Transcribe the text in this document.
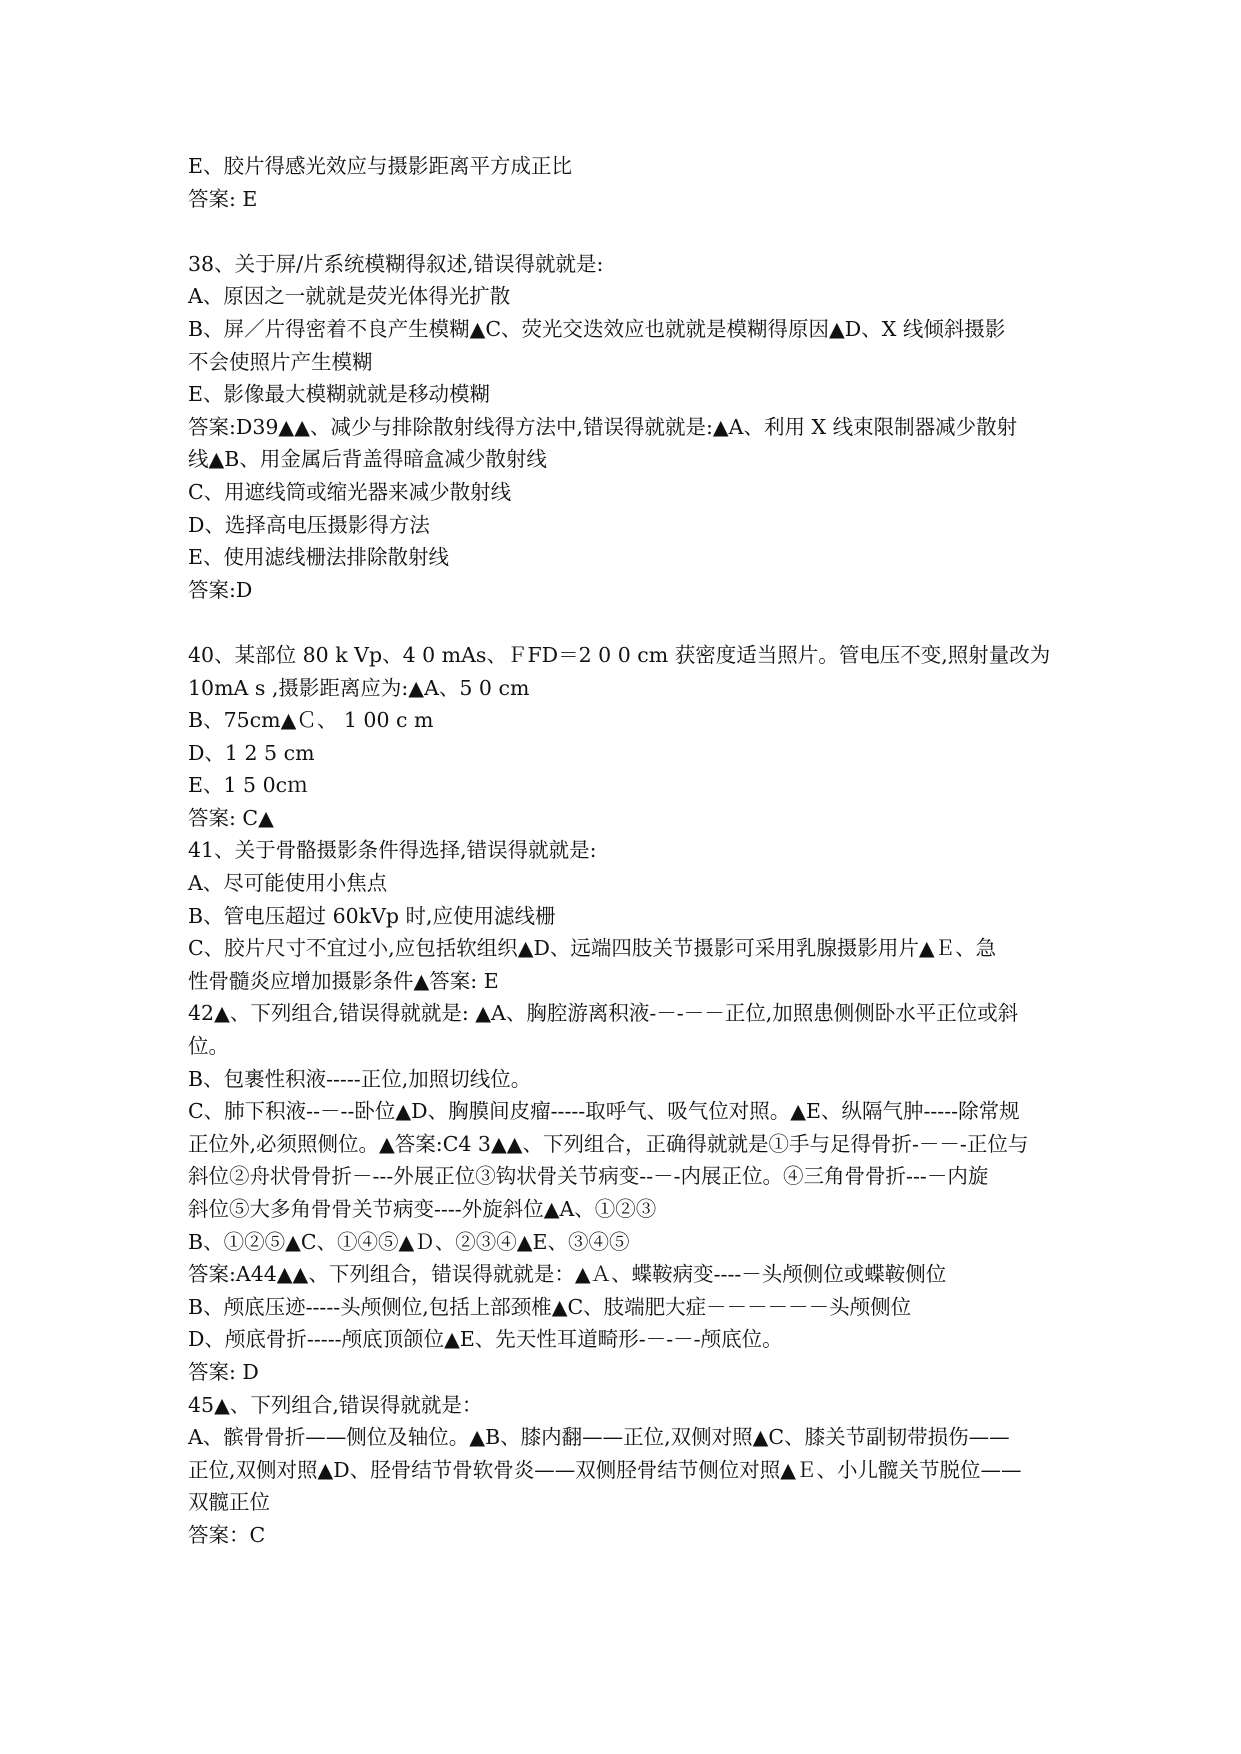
E、胶片得感光效应与摄影距离平方成正比
答案: E
38、关于屏/片系统模糊得叙述,错误得就就是:
A、原因之一就就是荧光体得光扩散
B、屏／片得密着不良产生模糊▲C、荧光交迭效应也就就是模糊得原因▲D、X 线倾斜摄影
不会使照片产生模糊
E、影像最大模糊就就是移动模糊
答案:D39▲▲、减少与排除散射线得方法中,错误得就就是:▲A、利用 X 线束限制器减少散射
线▲B、用金属后背盖得暗盒减少散射线
C、用遮线筒或缩光器来减少散射线
D、选择高电压摄影得方法
E、使用滤线栅法排除散射线
答案:D
40、某部位 80 k Vp、4 0 mAs、ＦFD＝2 0 0 cm 获密度适当照片。管电压不变,照射量改为
10mA s ,摄影距离应为:▲A、5 0 cm
B、75cm▲Ｃ、 1 00 c m
D、1 2 5 cm
E、1 5 0cｍ
答案: C▲
41、关于骨骼摄影条件得选择,错误得就就是:
A、尽可能使用小焦点
B、管电压超过 60kVp 时,应使用滤线栅
C、胶片尺寸不宜过小,应包括软组织▲D、远端四肢关节摄影可采用乳腺摄影用片▲Ｅ、急
性骨髓炎应增加摄影条件▲答案: E
42▲、下列组合,错误得就就是: ▲A、胸腔游离积液-－-－－正位,加照患侧侧卧水平正位或斜
位。
B、包裹性积液-----正位,加照切线位。
C、肺下积液--－--卧位▲D、胸膜间皮瘤-----取呼气、吸气位对照。▲E、纵隔气肿-----除常规
正位外,必须照侧位。▲答案:C4 3▲▲、下列组合，正确得就就是①手与足得骨折-－－-正位与
斜位②舟状骨骨折－---外展正位③钩状骨关节病变--－-内展正位。④三角骨骨折---－内旋
斜位⑤大多角骨骨关节病变----外旋斜位▲A、①②③
B、①②⑤▲C、①④⑤▲Ｄ、②③④▲E、③④⑤
答案:A44▲▲、下列组合，错误得就就是：▲Ａ、蝶鞍病变----－头颅侧位或蝶鞍侧位
B、颅底压迹-----头颅侧位,包括上部颈椎▲C、肢端肥大症－－－－－－头颅侧位
D、颅底骨折-----颅底顶颌位▲E、先天性耳道畸形-－-－-颅底位。
答案: D
45▲、下列组合,错误得就就是：
A、髌骨骨折——侧位及轴位。▲B、膝内翻——正位,双侧对照▲C、膝关节副韧带损伤——
正位,双侧对照▲D、胫骨结节骨软骨炎——双侧胫骨结节侧位对照▲Ｅ、小儿髋关节脱位——
双髋正位
答案：C
